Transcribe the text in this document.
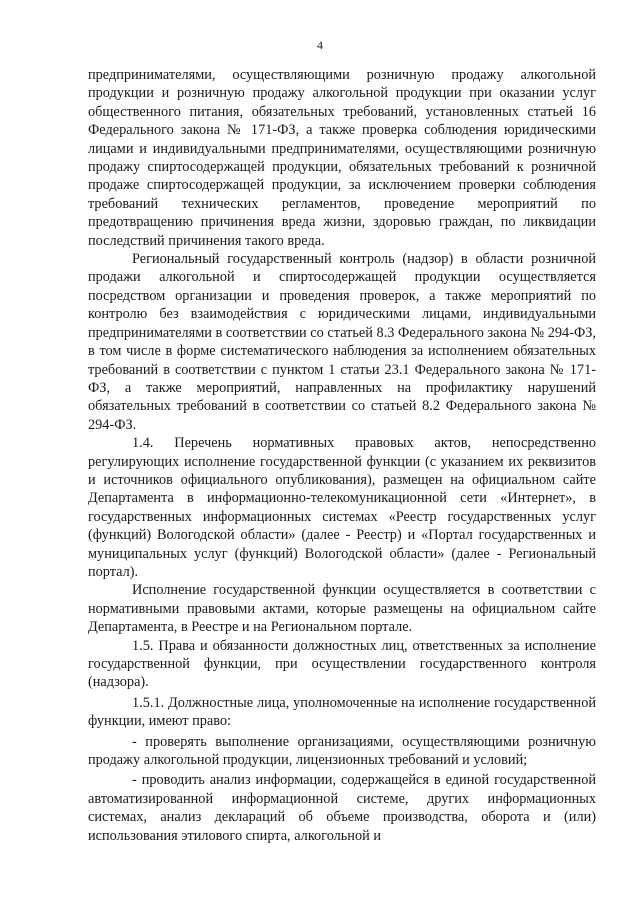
4

предпринимателями, осуществляющими розничную продажу алкогольной продукции и розничную продажу алкогольной продукции при оказании услуг общественного питания, обязательных требований, установленных статьей 16 Федерального закона № 171-ФЗ, а также проверка соблюдения юридическими лицами и индивидуальными предпринимателями, осуществляющими розничную продажу спиртосодержащей продукции, обязательных требований к розничной продаже спиртосодержащей продукции, за исключением проверки соблюдения требований технических регламентов, проведение мероприятий по предотвращению причинения вреда жизни, здоровью граждан, по ликвидации последствий причинения такого вреда.

Региональный государственный контроль (надзор) в области розничной продажи алкогольной и спиртосодержащей продукции осуществляется посредством организации и проведения проверок, а также мероприятий по контролю без взаимодействия с юридическими лицами, индивидуальными предпринимателями в соответствии со статьей 8.3 Федерального закона № 294-ФЗ, в том числе в форме систематического наблюдения за исполнением обязательных требований в соответствии с пунктом 1 статьи 23.1 Федерального закона № 171-ФЗ, а также мероприятий, направленных на профилактику нарушений обязательных требований в соответствии со статьей 8.2 Федерального закона № 294-ФЗ.

1.4. Перечень нормативных правовых актов, непосредственно регулирующих исполнение государственной функции (с указанием их реквизитов и источников официального опубликования), размещен на официальном сайте Департамента в информационно-телекомуникационной сети «Интернет», в государственных информационных системах «Реестр государственных услуг (функций) Вологодской области» (далее - Реестр) и «Портал государственных и муниципальных услуг (функций) Вологодской области» (далее - Региональный портал).

Исполнение государственной функции осуществляется в соответствии с нормативными правовыми актами, которые размещены на официальном сайте Департамента, в Реестре и на Региональном портале.

1.5. Права и обязанности должностных лиц, ответственных за исполнение государственной функции, при осуществлении государственного контроля (надзора).

1.5.1. Должностные лица, уполномоченные на исполнение государственной функции, имеют право:

- проверять выполнение организациями, осуществляющими розничную продажу алкогольной продукции, лицензионных требований и условий;

- проводить анализ информации, содержащейся в единой государственной автоматизированной информационной системе, других информационных системах, анализ деклараций об объеме производства, оборота и (или) использования этилового спирта, алкогольной и
